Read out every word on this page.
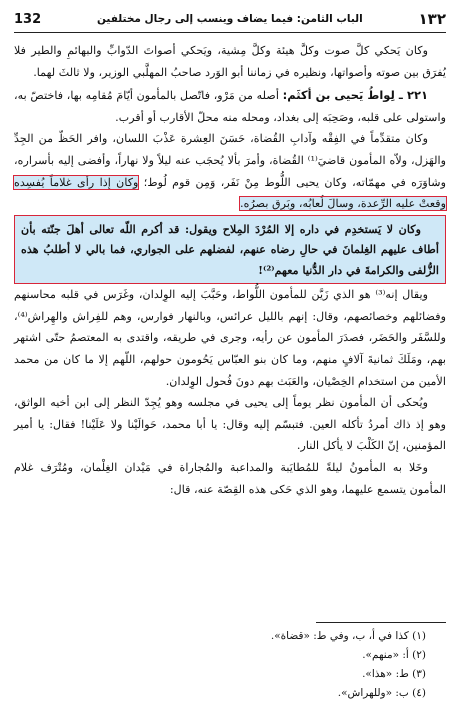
132	الباب الثامن: فيما يضاف وينسب إلى رجال مختلفين	١٣٢

وكان يَحكي كلَّ صوت وكلَّ هيئة وكلَّ مِشية، ويَحكي أصواتَ الدّوابِّ والبهائمِ والطير فلا يُفرَق بين صوته وأصواتها، ونظيره في زماننا أبو الوَرد صاحبُ المهلَّبي الوزير، ولا ثالثَ لهما.

٢٢١ ـ لِواطُ يَحيى بن أكثَم: أصله من مَرْو، فاتّصل بالمأمون أيّامَ مُقامِه بها، فاختصّ به، واستولى على قلبه، وصَحِبَه إلى بغداد، ومحله منه محلّ الأقارب أو أقرب.

وكان متقدِّماً في الفِقْه وآدابِ القُضاة، حَسَنَ العِشرة عَذْبَ اللسان، وافر الحَظّ من الجِدِّ والهَزل، ولاّه المأمون قاضيَ⁽¹⁾ القُضاة، وأمرَ بألا يُحجَب عنه ليلاً ولا نهاراً، وأفضى إليه بأسراره، وشاوَرَه في مهمّاته، وكان يحيى اللُّوط مِنْ نَفَر، وَمِن قوم لُوط؛ وكان إذا رأى غلاماً يُفسِده وقعتْ عليه الرِّعدة، وسالَ لُعابُه، وبَرِق بصرُه.

وكان لا يَستخدِم في داره إلا المُرْدَ المِلاح ويقول: قد أكرم اللّه تعالى أهلَ جنّته بأن أطاف عليهم الغِلمانَ في حالِ رضاه عنهم، لفضلهم على الجواري، فما بالي لا أطلبُ هذه الزُّلفى والكرامةَ في دار الدُّنيا معهم⁽²⁾!

ويقال إنه⁽³⁾ هو الذي زَيَّن للمأمون اللُّواط، وحَبَّبَ إليه الوِلدان، وغَرَس في قلبه محاسنهم وفضائلهم وخصائصهم، وقال: إنهم بالليل عرائس، وبالنهار فوارس، وهم للفِراش والهِراش⁽⁴⁾، وللسَّفَر والحَضَر، فصدَرَ المأمون عن رأيه، وجرى في طريقه، واقتدى به المعتصمُ حتّى اشتهر بهم، ومَلَكَ ثمانيةَ آلافٍ منهم، وما كان بنو العبّاس يَحُومون حولهم، اللّهم إلا ما كان من محمد الأمين من استخدام الخِصْيان، والعَبَث بهم دونَ فُحول الوِلدان.

ويُحكى أن المأمون نظر يوماً إلى يحيى في مجلسه وهو يُجِدّ النظر إلى ابن أخيه الواثق، وهو إذ ذاك أمردُ تأكله العين. فتبسّم إليه وقال: يا أبا محمد، حَوالَيْنا ولا عَلَيْنا! فقال: يا أمير المؤمنين، إنّ الكَلْبَ لا يأكل النار.

وخَلا به المأمونُ ليلةً للمُطايَبة والمداعبة والمُجاراة في مَيْدان الغِلْمان، ومُتْرَف غلام المأمون يتسمع عليهما، وهو الذي حَكى هذه القِصّة عنه، قال:

(١) كذا في أ، ب، وفي ط: «قضاة».
(٢) أ: «منهم».
(٣) ط: «هذا».
(٤) ب: «وللهراش».
